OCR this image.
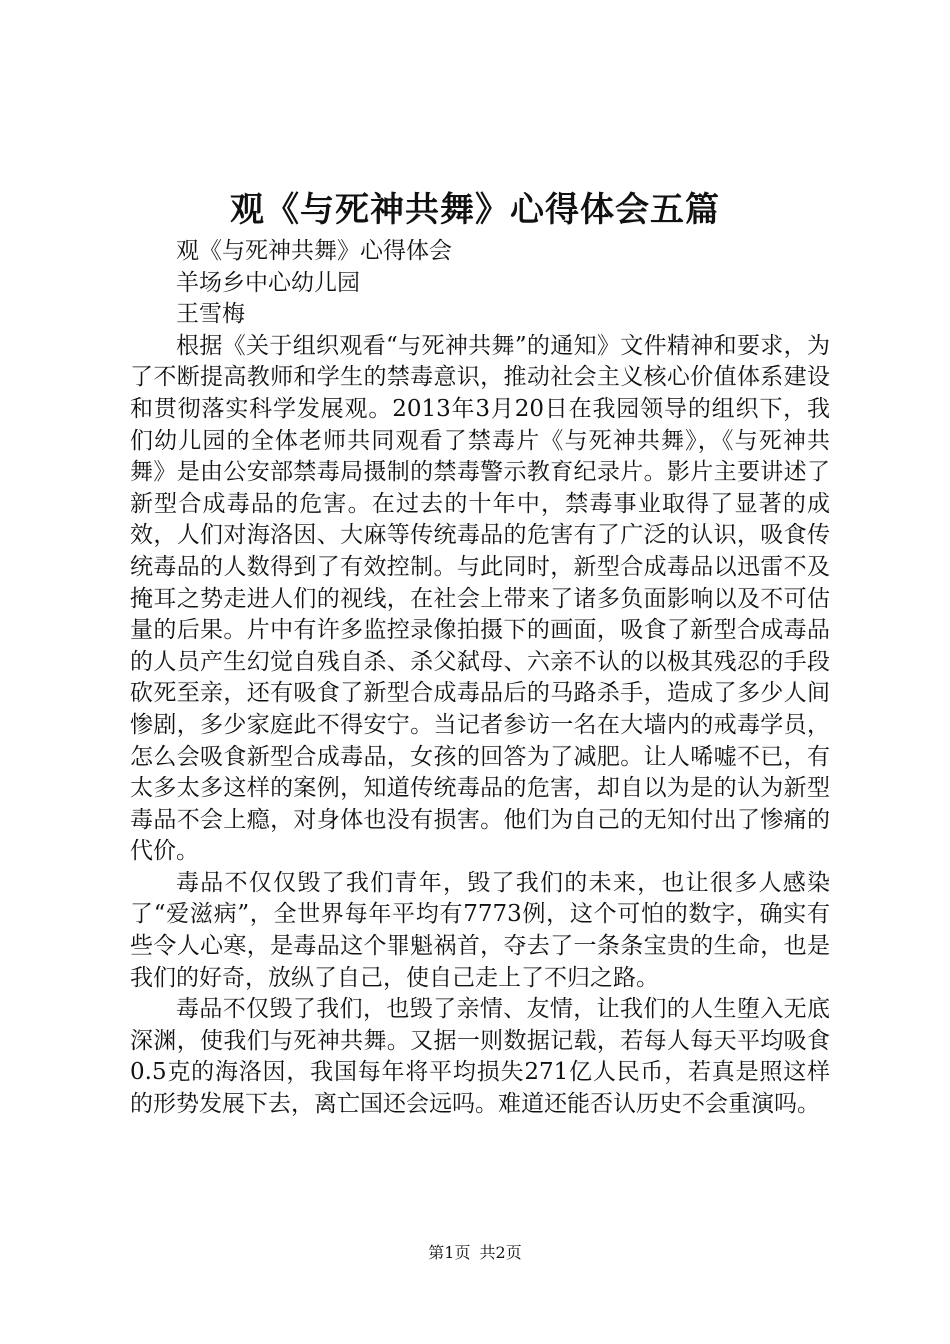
观《与死神共舞》心得体会五篇

观《与死神共舞》心得体会

羊场乡中心幼儿园

王雪梅

根据《关于组织观看“与死神共舞”的通知》文件精神和要求，为了不断提高教师和学生的禁毒意识，推动社会主义核心价值体系建设和贯彻落实科学发展观。2013年3月20日在我园领导的组织下，我们幼儿园的全体老师共同观看了禁毒片《与死神共舞》，《与死神共舞》是由公安部禁毒局摄制的禁毒警示教育纪录片。影片主要讲述了新型合成毒品的危害。在过去的十年中，禁毒事业取得了显著的成效，人们对海洛因、大麻等传统毒品的危害有了广泛的认识，吸食传统毒品的人数得到了有效控制。与此同时，新型合成毒品以迅雷不及掩耳之势走进人们的视线，在社会上带来了诸多负面影响以及不可估量的后果。片中有许多监控录像拍摄下的画面，吸食了新型合成毒品的人员产生幻觉自残自杀、杀父弑母、六亲不认的以极其残忍的手段砍死至亲，还有吸食了新型合成毒品后的马路杀手，造成了多少人间惨剧，多少家庭此不得安宁。当记者参访一名在大墙内的戒毒学员，怎么会吸食新型合成毒品，女孩的回答为了减肥。让人唏嘘不已，有太多太多这样的案例，知道传统毒品的危害，却自以为是的认为新型毒品不会上瘾，对身体也没有损害。他们为自己的无知付出了惨痛的代价。

毒品不仅仅毁了我们青年，毁了我们的未来，也让很多人感染了“爱滋病”，全世界每年平均有7773例，这个可怕的数字，确实有些令人心寒，是毒品这个罪魁祸首，夺去了一条条宝贵的生命，也是我们的好奇，放纵了自己，使自己走上了不归之路。

毒品不仅毁了我们，也毁了亲情、友情，让我们的人生堕入无底深渊，使我们与死神共舞。又据一则数据记载，若每人每天平均吸食0.5克的海洛因，我国每年将平均损失271亿人民币，若真是照这样的形势发展下去，离亡国还会远吗。难道还能否认历史不会重演吗。

第1页 共2页
